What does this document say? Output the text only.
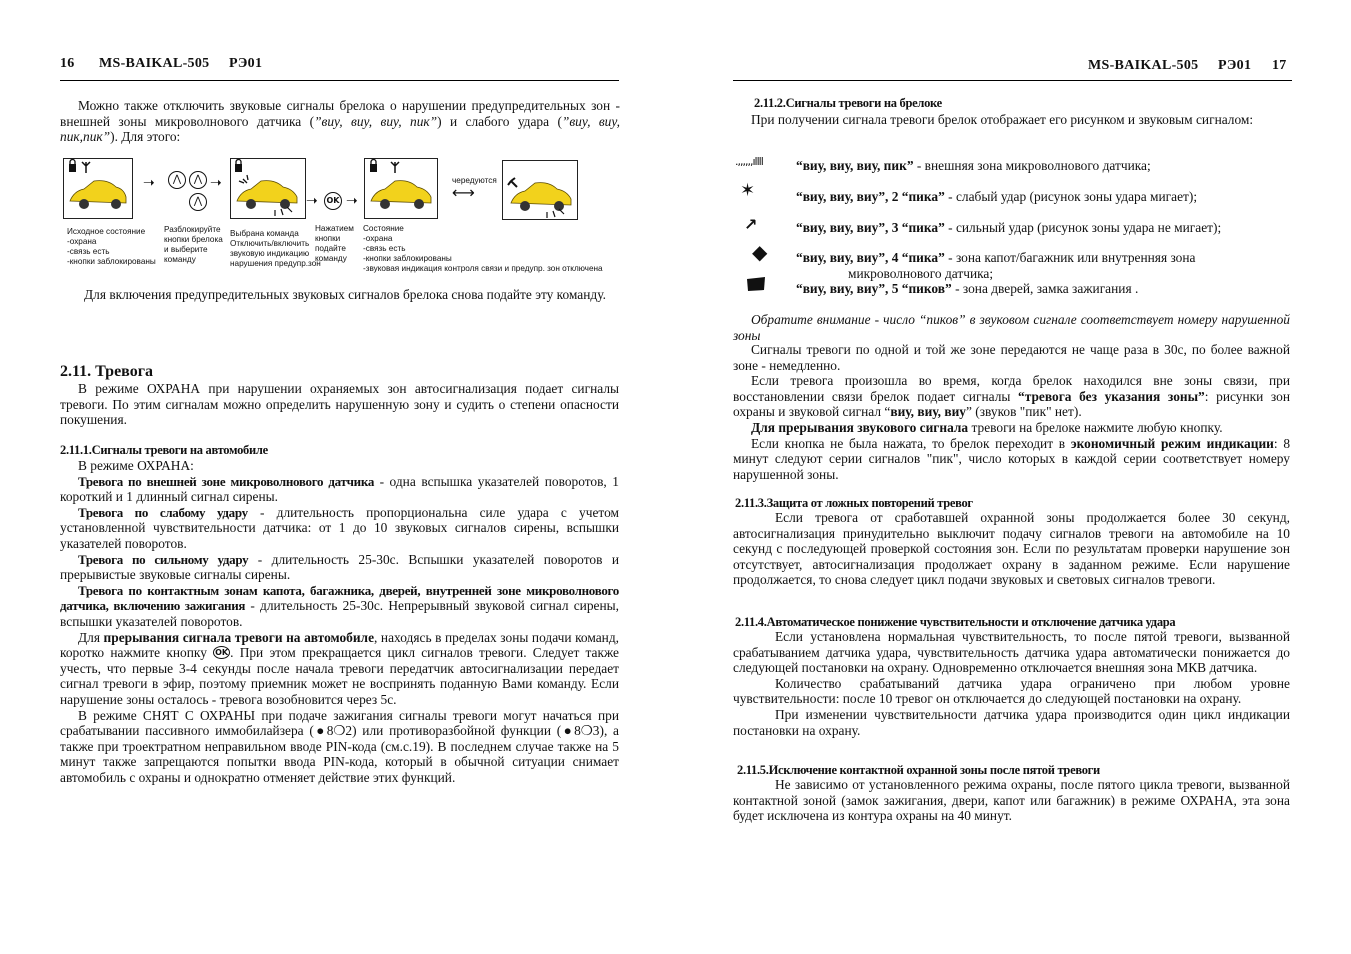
16 MS-BAIKAL-505 РЭ01	MS-BAIKAL-505 РЭ01 17
Можно также отключить звуковые сигналы брелока о нарушении предупредительных зон - внешней зоны микроволнового датчика (”виу, виу, виу, пик”) и слабого удара (”виу, виу, пик,пик”). Для этого:
➝	⋀	⋀
⋀
➝
➝	OK ➝
чередуются
⟷
Исходное состояние
-охрана
-связь есть
-кнопки заблокированы
Разблокируйте
кнопки брелока
и выберите
команду
Выбрана команда
Отключить/включить
звуковую индикацию
нарушения предупр.зон
Нажатием
кнопки
подайте
команду
Состояние
-охрана
-связь есть
-кнопки заблокированы
-звуковая индикация контроля связи и предупр. зон отключена
Для включения предупредительных звуковых сигналов брелока снова подайте эту команду.
2.11. Тревога
В режиме ОХРАНА при нарушении охраняемых зон автосигнализация подает сигналы тревоги. По этим сигналам можно определить нарушенную зону и судить о степени опасности покушения.
2.11.1.Сигналы тревоги на автомобиле

В режиме ОХРАНА:

Тревога по внешней зоне микроволнового датчика - одна вспышка указателей поворотов, 1 короткий и 1 длинный сигнал сирены.

Тревога по слабому удару - длительность пропорциональна силе удара с учетом установленной чувствительности датчика: от 1 до 10 звуковых сигналов сирены, вспышки указателей поворотов.

Тревога по сильному удару - длительность 25-30с. Вспышки указателей поворотов и прерывистые звуковые сигналы сирены.

Тревога по контактным зонам капота, багажника, дверей, внутренней зоне микроволнового датчика, включению зажигания - длительность 25-30с. Непрерывный звуковой сигнал сирены, вспышки указателей поворотов.

Для прерывания сигнала тревоги на автомобиле, находясь в пределах зоны подачи команд, коротко нажмите кнопку OK . При этом прекращается цикл сигналов тревоги. Следует также учесть, что первые 3-4 секунды после начала тревоги передатчик автосигнализации передает сигнал тревоги в эфир, поэтому приемник может не воспринять поданную Вами команду. Если нарушение зоны осталось - тревога возобновится через 5с.

В режиме СНЯТ С ОХРАНЫ при подаче зажигания сигналы тревоги могут начаться при срабатывании пассивного иммобилайзера (●8❍2) или противоразбойной функции (●8❍3), а также при троектратном неправильном вводе PIN-кода (см.с.19). В последнем случае также на 5 минут также запрещаются попытки ввода PIN-кода, который в обычной ситуации снимает автомобиль с охраны и однократно отменяет действие этих функций.

2.11.2.Сигналы тревоги на брелоке
При получении сигнала тревоги брелок отображает его рисунком и звуковым сигналом:
.,,,,,,ıllll “виу, виу, виу, пик” - внешняя зона микроволнового датчика;
✶	“виу, виу, виу”, 2 “пика” - слабый удар (рисунок зоны удара мигает);
↗	“виу, виу, виу”, 3 “пика” - сильный удар (рисунок зоны удара не мигает);
◆ “виу, виу, виу”, 4 “пика” - зона капот/багажник или внутренняя зона
микроволнового датчика;
“виу, виу, виу”, 5 “пиков” - зона дверей, замка зажигания .
Обратите внимание - число “пиков” в звуковом сигнале соответствует номеру нарушенной зоны

Сигналы тревоги по одной и той же зоне передаются не чаще раза в 30с, по более важной зоне - немедленно.

Если тревога произошла во время, когда брелок находился вне зоны связи, при восстановлении связи брелок подает сигналы “тревога без указания зоны”: рисунки зон охраны и звуковой сигнал “виу, виу, виу” (звуков "пик" нет).

Для прерывания звукового сигнала тревоги на брелоке нажмите любую кнопку.

Если кнопка не была нажата, то брелок переходит в экономичный режим индикации: 8 минут следуют серии сигналов "пик", число которых в каждой серии соответствует номеру нарушенной зоны.

2.11.3.Защита от ложных повторений тревог
Если тревога от сработавшей охранной зоны продолжается более 30 секунд, автосигнализация принудительно выключит подачу сигналов тревоги на автомобиле на 10 секунд с последующей проверкой состояния зон. Если по результатам проверки нарушение зон отсутствует, автосигнализация продолжает охрану в заданном режиме. Если нарушение продолжается, то снова следует цикл подачи звуковых и световых сигналов тревоги.
2.11.4.Автоматическое понижение чувствительности и отключение датчика удара

Если установлена нормальная чувствительность, то после пятой тревоги, вызванной срабатыванием датчика удара, чувствительность датчика удара автоматически понижается до следующей постановки на охрану. Одновременно отключается внешняя зона МКВ датчика.

Количество срабатываний датчика удара ограничено при любом уровне чувствительности: после 10 тревог он отключается до следующей постановки на охрану.

При изменении чувствительности датчика удара производится один цикл индикации постановки на охрану.

2.11.5.Исключение контактной охранной зоны после пятой тревоги
Не зависимо от установленного режима охраны, после пятого цикла тревоги, вызванной контактной зоной (замок зажигания, двери, капот или багажник) в режиме ОХРАНА, эта зона будет исключена из контура охраны на 40 минут.
